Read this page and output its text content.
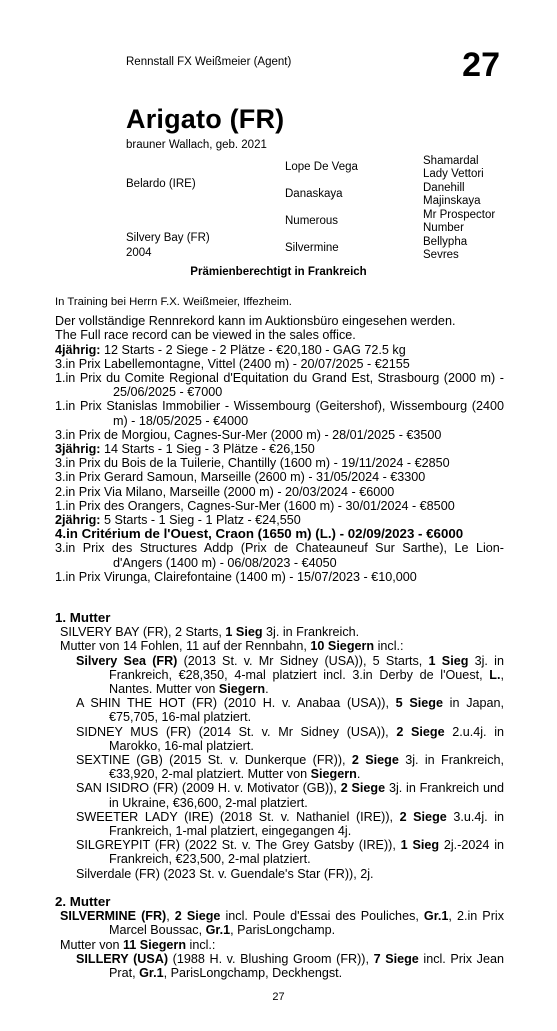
Rennstall FX Weißmeier (Agent)	27
Arigato (FR)
brauner Wallach, geb. 2021
Belardo (IRE)
Silvery Bay (FR)
2004
Lope De Vega
Danaskaya
Numerous
Silvermine
Shamardal
Lady Vettori
Danehill
Majinskaya
Mr Prospector
Number
Bellypha
Sevres
Prämienberechtigt in Frankreich

In Training bei Herrn F.X. Weißmeier, Iffezheim.

Der vollständige Rennrekord kann im Auktionsbüro eingesehen werden.

The Full race record can be viewed in the sales office.

4jährig: 12 Starts - 2 Siege - 2 Plätze - €20,180 - GAG 72.5 kg

3.in Prix Labellemontagne, Vittel (2400 m) - 20/07/2025 - €2155

1.in Prix du Comite Regional d'Equitation du Grand Est, Strasbourg (2000 m) - 25/06/2025 - €7000

1.in Prix Stanislas Immobilier - Wissembourg (Geitershof), Wissembourg (2400 m) - 18/05/2025 - €4000

3.in Prix de Morgiou, Cagnes-Sur-Mer (2000 m) - 28/01/2025 - €3500

3jährig: 14 Starts - 1 Sieg - 3 Plätze - €26,150

3.in Prix du Bois de la Tuilerie, Chantilly (1600 m) - 19/11/2024 - €2850

3.in Prix Gerard Samoun, Marseille (2600 m) - 31/05/2024 - €3300

2.in Prix Via Milano, Marseille (2000 m) - 20/03/2024 - €6000

1.in Prix des Orangers, Cagnes-Sur-Mer (1600 m) - 30/01/2024 - €8500

2jährig: 5 Starts - 1 Sieg - 1 Platz - €24,550

4.in Critérium de l'Ouest, Craon (1650 m) (L.) - 02/09/2023 - €6000

3.in Prix des Structures Addp (Prix de Chateauneuf Sur Sarthe), Le Lion-d'Angers (1400 m) - 06/08/2023 - €4050

1.in Prix Virunga, Clairefontaine (1400 m) - 15/07/2023 - €10,000

1. Mutter

SILVERY BAY (FR), 2 Starts, 1 Sieg 3j. in Frankreich.

Mutter von 14 Fohlen, 11 auf der Rennbahn, 10 Siegern incl.:

Silvery Sea (FR) (2013 St. v. Mr Sidney (USA)), 5 Starts, 1 Sieg 3j. in Frankreich, €28,350, 4-mal platziert incl. 3.in Derby de l'Ouest, L., Nantes. Mutter von Siegern.

A SHIN THE HOT (FR) (2010 H. v. Anabaa (USA)), 5 Siege in Japan, €75,705, 16-mal platziert.

SIDNEY MUS (FR) (2014 St. v. Mr Sidney (USA)), 2 Siege 2.u.4j. in Marokko, 16-mal platziert.

SEXTINE (GB) (2015 St. v. Dunkerque (FR)), 2 Siege 3j. in Frankreich, €33,920, 2-mal platziert. Mutter von Siegern.

SAN ISIDRO (FR) (2009 H. v. Motivator (GB)), 2 Siege 3j. in Frankreich und in Ukraine, €36,600, 2-mal platziert.

SWEETER LADY (IRE) (2018 St. v. Nathaniel (IRE)), 2 Siege 3.u.4j. in Frankreich, 1-mal platziert, eingegangen 4j.

SILGREYPIT (FR) (2022 St. v. The Grey Gatsby (IRE)), 1 Sieg 2j.-2024 in Frankreich, €23,500, 2-mal platziert.

Silverdale (FR) (2023 St. v. Guendale's Star (FR)), 2j.

2. Mutter

SILVERMINE (FR), 2 Siege incl. Poule d'Essai des Pouliches, Gr.1, 2.in Prix Marcel Boussac, Gr.1, ParisLongchamp.

Mutter von 11 Siegern incl.:

SILLERY (USA) (1988 H. v. Blushing Groom (FR)), 7 Siege incl. Prix Jean Prat, Gr.1, ParisLongchamp, Deckhengst.

27
